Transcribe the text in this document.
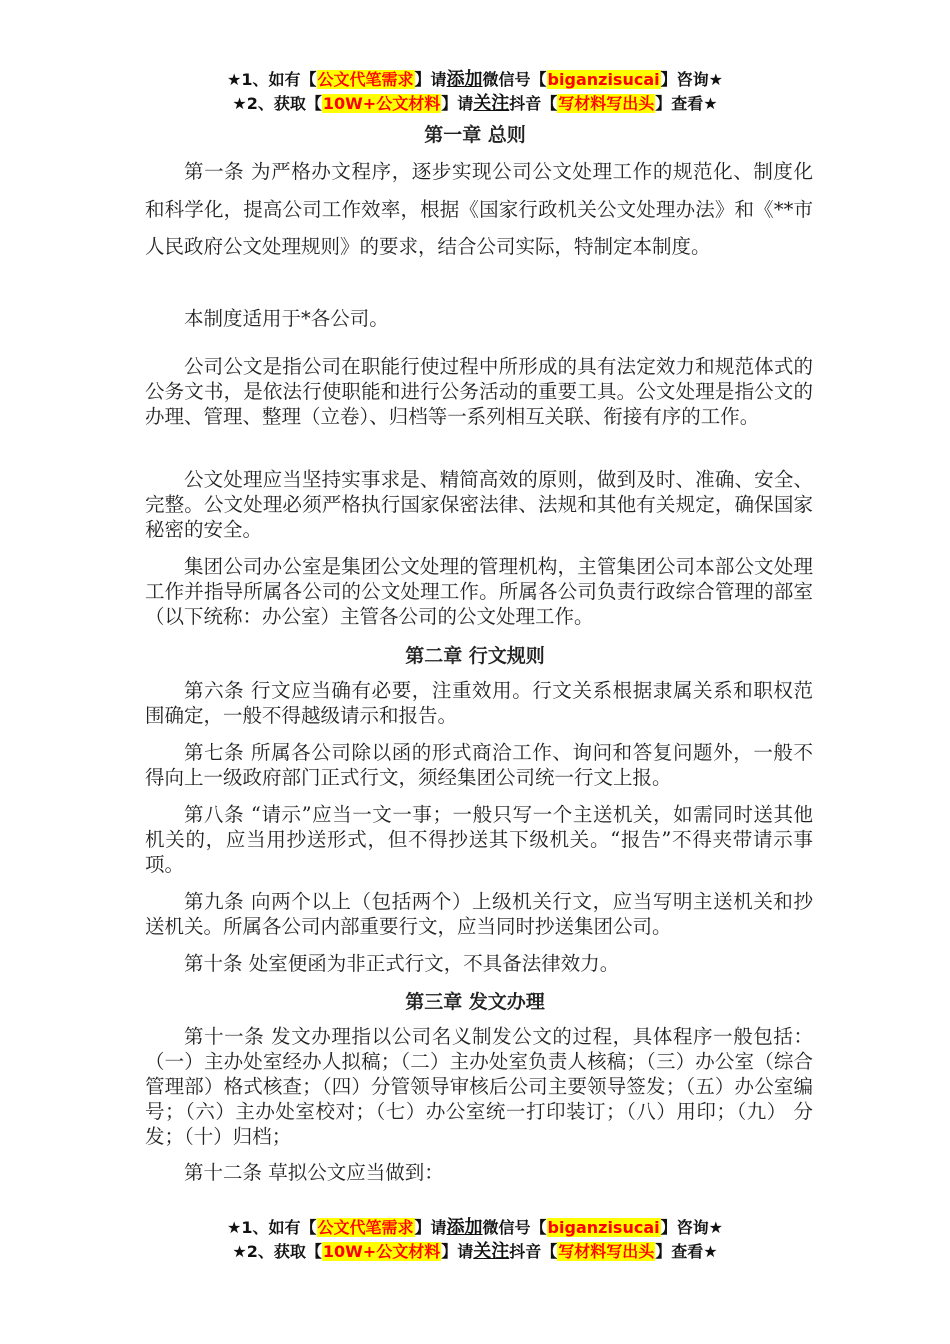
★1、如有【公文代笔需求】请添加微信号【biganzisucai】咨询★
★2、获取【10W+公文材料】请关注抖音【写材料写出头】查看★
第一章 总则
第一条 为严格办文程序，逐步实现公司公文处理工作的规范化、制度化和科学化，提高公司工作效率，根据《国家行政机关公文处理办法》和《**市人民政府公文处理规则》的要求，结合公司实际，特制定本制度。
本制度适用于*各公司。
公司公文是指公司在职能行使过程中所形成的具有法定效力和规范体式的公务文书，是依法行使职能和进行公务活动的重要工具。公文处理是指公文的办理、管理、整理（立卷）、归档等一系列相互关联、衔接有序的工作。
公文处理应当坚持实事求是、精简高效的原则，做到及时、准确、安全、完整。公文处理必须严格执行国家保密法律、法规和其他有关规定，确保国家秘密的安全。
集团公司办公室是集团公文处理的管理机构，主管集团公司本部公文处理工作并指导所属各公司的公文处理工作。所属各公司负责行政综合管理的部室（以下统称：办公室）主管各公司的公文处理工作。
第二章 行文规则
第六条 行文应当确有必要，注重效用。行文关系根据隶属关系和职权范围确定，一般不得越级请示和报告。
第七条 所属各公司除以函的形式商洽工作、询问和答复问题外，一般不得向上一级政府部门正式行文，须经集团公司统一行文上报。
第八条 “请示”应当一文一事；一般只写一个主送机关，如需同时送其他机关的，应当用抄送形式，但不得抄送其下级机关。“报告”不得夹带请示事项。
第九条 向两个以上（包括两个）上级机关行文，应当写明主送机关和抄送机关。所属各公司内部重要行文，应当同时抄送集团公司。
第十条 处室便函为非正式行文，不具备法律效力。
第三章 发文办理
第十一条 发文办理指以公司名义制发公文的过程，具体程序一般包括：（一）主办处室经办人拟稿；（二）主办处室负责人核稿；（三）办公室（综合管理部）格式核查；（四）分管领导审核后公司主要领导签发；（五）办公室编号；（六）主办处室校对；（七）办公室统一打印装订；（八）用印；（九） 分发；（十）归档；
第十二条 草拟公文应当做到：
★1、如有【公文代笔需求】请添加微信号【biganzisucai】咨询★
★2、获取【10W+公文材料】请关注抖音【写材料写出头】查看★
